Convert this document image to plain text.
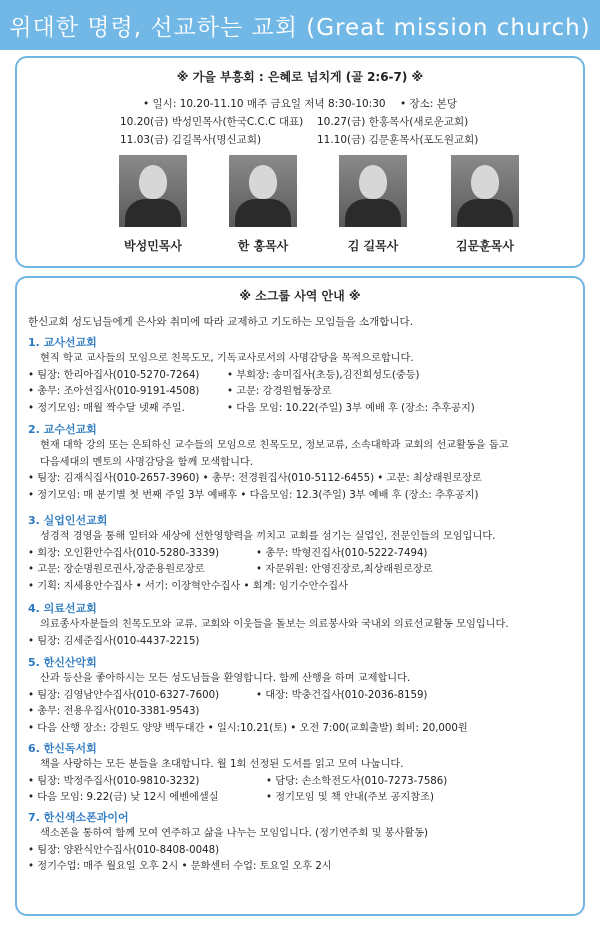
위대한 명령, 선교하는 교회 (Great mission church)
※ 가을 부흥회 : 은혜로 넘치게 (골 2:6-7) ※
• 일시: 10.20-11.10 매주 금요일 저녁 8:30-10:30 • 장소: 본당
10.20(금) 박성민목사(한국C.C.C 대표) 10.27(금) 한홍목사(새로운교회)
11.03(금) 김길목사(명신교회)	11.10(금) 김문훈목사(포도원교회)
박성민목사	한 홍목사	김 길목사	김문훈목사
※ 소그룹 사역 안내 ※
한신교회 성도님들에게 은사와 취미에 따라 교제하고 기도하는 모임들을 소개합니다.
1. 교사선교회
현직 학교 교사들의 모임으로 친목도모, 기독교사로서의 사명감당을 목적으로합니다.
• 팀장: 한리아집사(010-5270-7264)	• 부회장: 송미집사(초등),김진희성도(중등)
• 총무: 조아선집사(010-9191-4508)	• 고문: 강경원협동장로
• 정기모임: 매월 짝수달 넷째 주일.	• 다음 모임: 10.22(주일) 3부 예배 후 (장소: 추후공지)
2. 교수선교회
현재 대학 강의 또는 은퇴하신 교수들의 모임으로 친목도모, 정보교류, 소속대학과 교회의 선교활동을 돕고
다음세대의 멘토의 사명감당을 함께 모색합니다.
• 팀장: 김재식집사(010-2657-3960) • 총무: 전경원집사(010-5112-6455) • 고문: 최상래원로장로
• 정기모임: 매 분기별 첫 번째 주일 3부 예배후 • 다음모임: 12.3(주일) 3부 예배 후 (장소: 추후공지)
3. 실업인선교회
성경적 경영을 통해 일터와 세상에 선한영향력을 끼치고 교회를 섬기는 실업인, 전문인들의 모임입니다.
• 회장: 오인환안수집사(010-5280-3339)	• 총무: 박형진집사(010-5222-7494)
• 고문: 장순명원로권사,장준용원로장로	• 자문위원: 안영진장로,최상래원로장로
• 기획: 지세용안수집사 • 서기: 이장혁안수집사 • 회계: 임기수안수집사
4. 의료선교회
의료종사자분들의 친목도모와 교류. 교회와 이웃들을 돌보는 의료봉사와 국내외 의료선교활동 모임입니다.
• 팀장: 김세준집사(010-4437-2215)
5. 한신산악회
산과 등산을 좋아하시는 모든 성도님들을 환영합니다. 함께 산행을 하며 교제합니다.
• 팀장: 김영남안수집사(010-6327-7600)	• 대장: 박충건집사(010-2036-8159)
• 총무: 전용우집사(010-3381-9543)
• 다음 산행 장소: 강원도 양양 백두대간 • 일시:10.21(토) • 오전 7:00(교회출발) 회비: 20,000원
6. 한신독서회
책을 사랑하는 모든 분들을 초대합니다. 월 1회 선정된 도서를 읽고 모여 나눕니다.
• 팀장: 박정주집사(010-9810-3232)	• 담당: 손소학전도사(010-7273-7586)
• 다음 모임: 9.22(금) 낮 12시 에벤에셀실	• 정기모임 및 책 안내(주보 공지참조)
7. 한신색소폰과이어
색소폰을 통하여 함께 모여 연주하고 삶을 나누는 모임입니다. (정기연주회 및 봉사활동)
• 팀장: 양완식안수집사(010-8408-0048)
• 정기수업: 매주 월요일 오후 2시 • 문화센터 수업: 토요일 오후 2시
